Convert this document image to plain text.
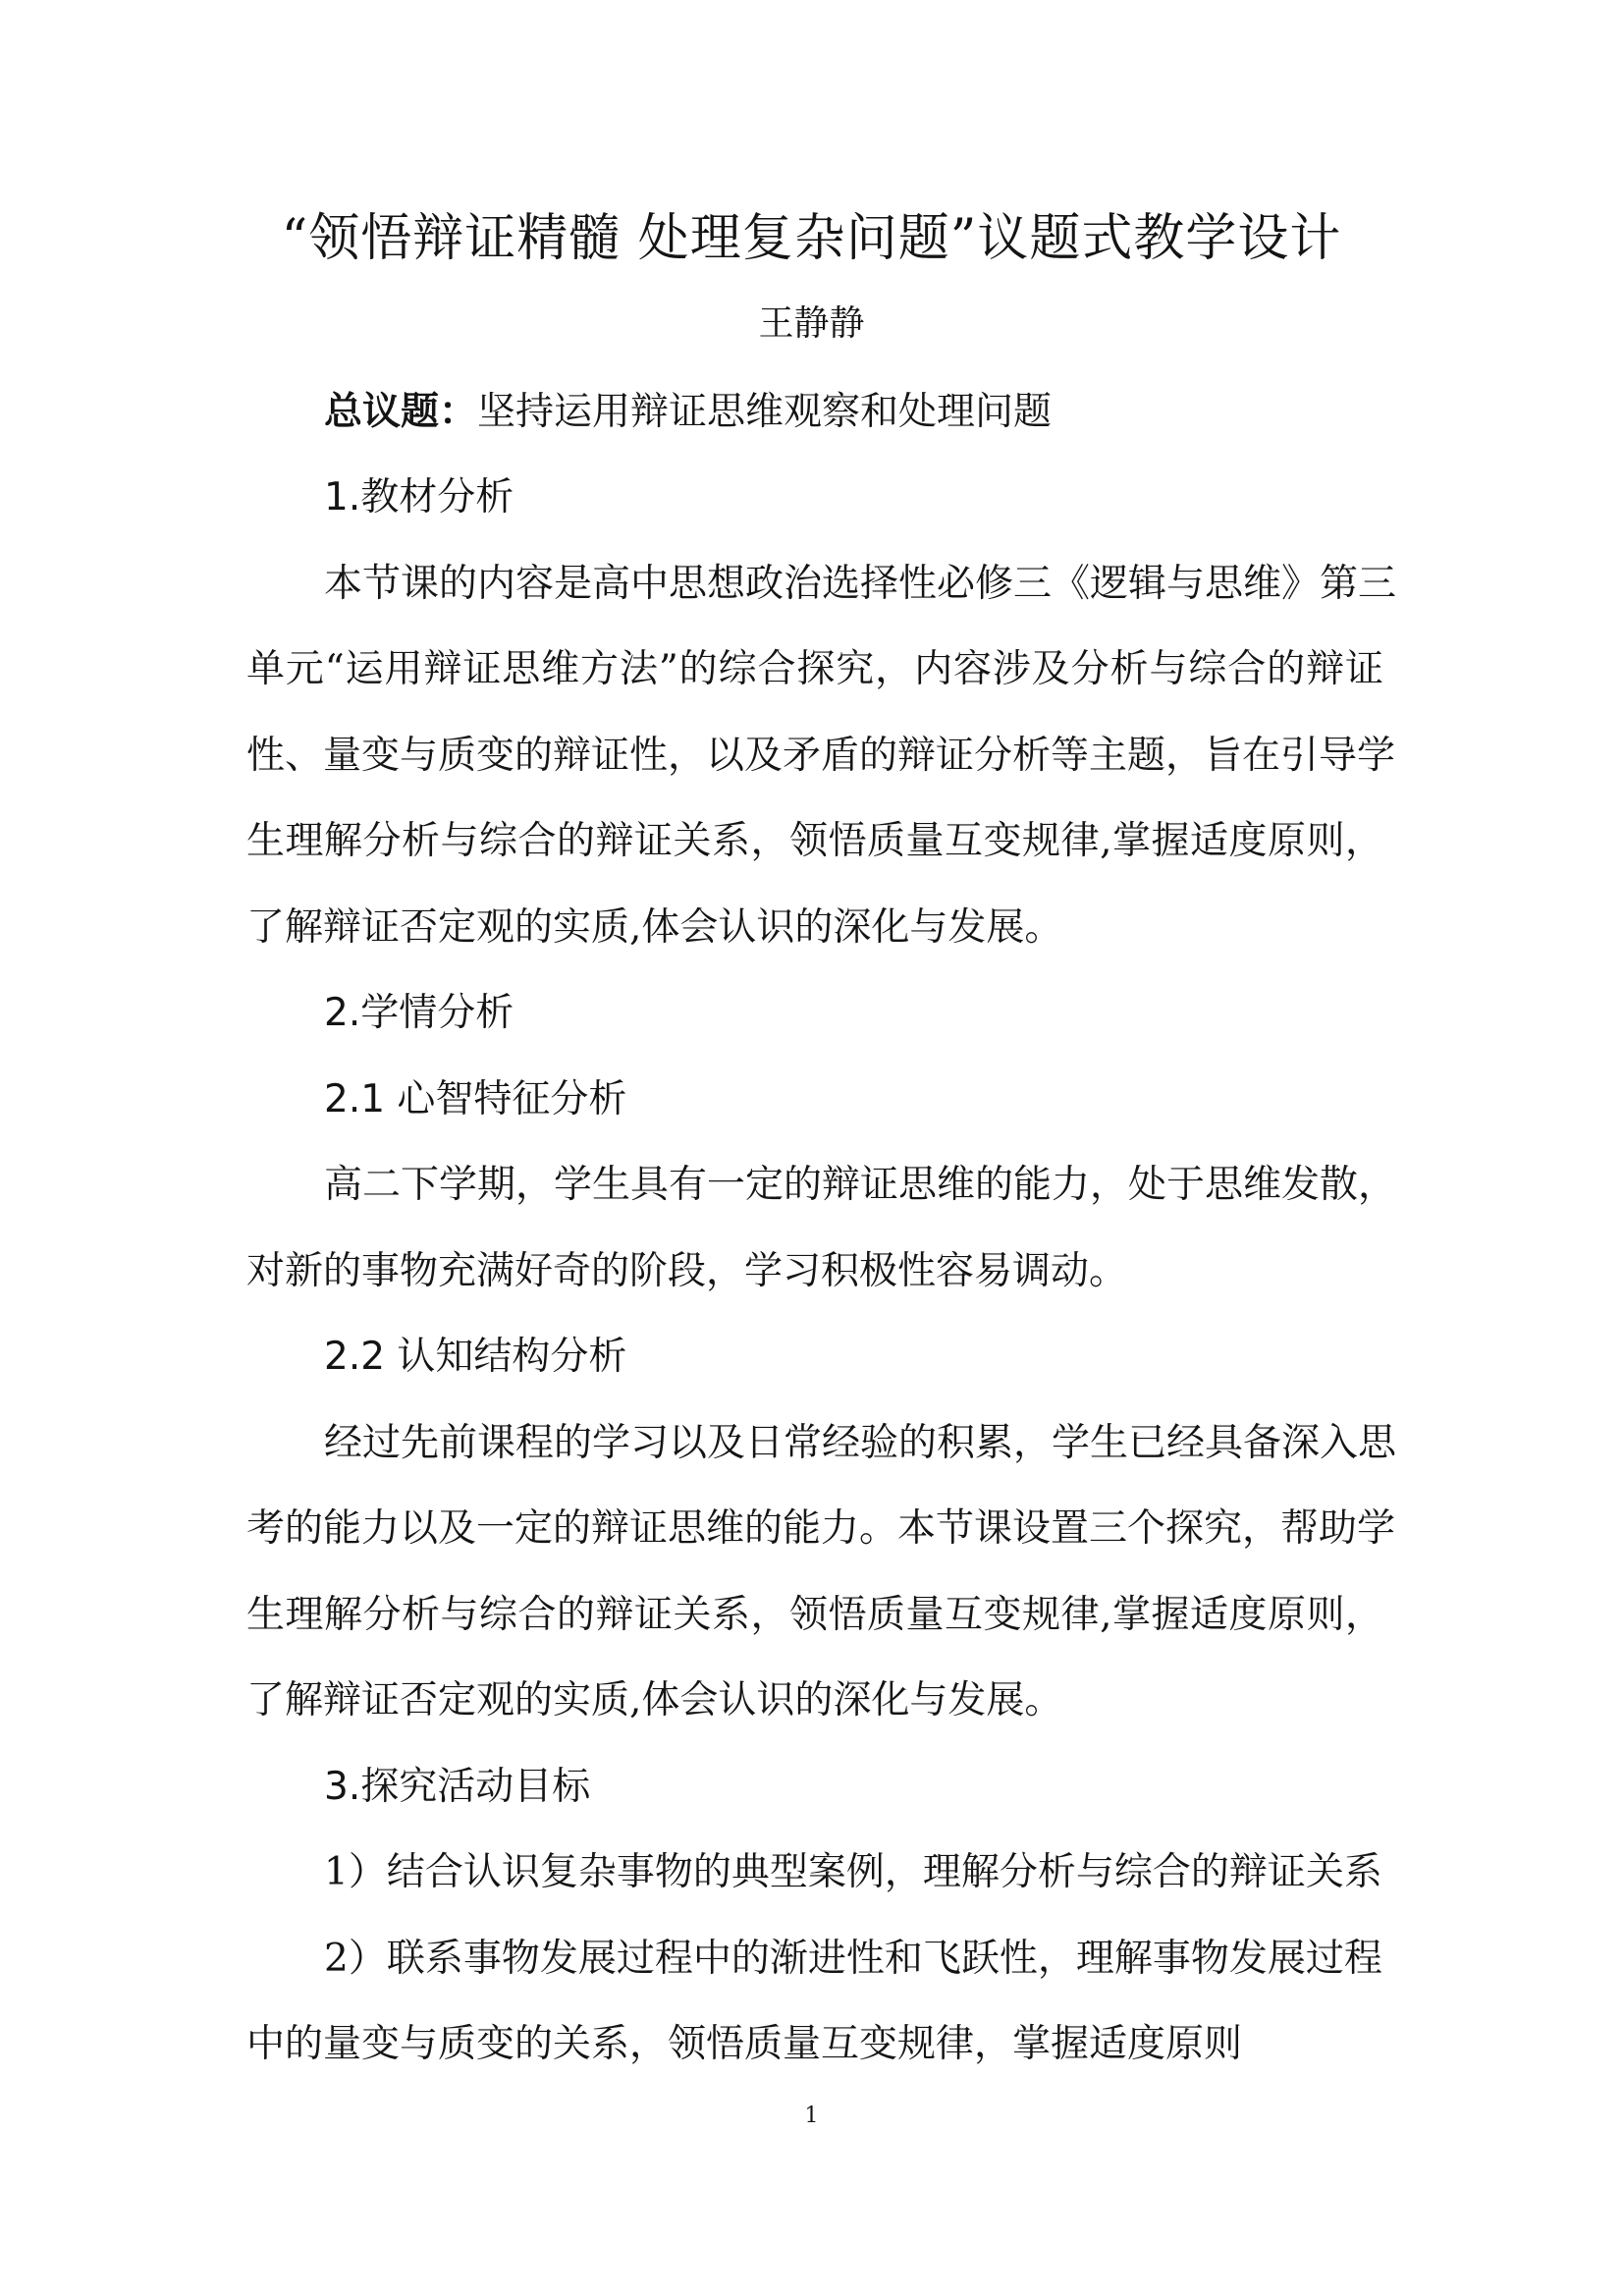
“领悟辩证精髓 处理复杂问题”议题式教学设计
王静静
总议题：坚持运用辩证思维观察和处理问题
1.教材分析
本节课的内容是高中思想政治选择性必修三《逻辑与思维》第三
单元“运用辩证思维方法”的综合探究，内容涉及分析与综合的辩证
性、量变与质变的辩证性，以及矛盾的辩证分析等主题，旨在引导学
生理解分析与综合的辩证关系，领悟质量互变规律,掌握适度原则，
了解辩证否定观的实质,体会认识的深化与发展。
2.学情分析
2.1 心智特征分析
高二下学期，学生具有一定的辩证思维的能力，处于思维发散，
对新的事物充满好奇的阶段，学习积极性容易调动。
2.2 认知结构分析
经过先前课程的学习以及日常经验的积累，学生已经具备深入思
考的能力以及一定的辩证思维的能力。本节课设置三个探究，帮助学
生理解分析与综合的辩证关系，领悟质量互变规律,掌握适度原则，
了解辩证否定观的实质,体会认识的深化与发展。
3.探究活动目标
1）结合认识复杂事物的典型案例，理解分析与综合的辩证关系
2）联系事物发展过程中的渐进性和飞跃性，理解事物发展过程
中的量变与质变的关系，领悟质量互变规律，掌握适度原则
1
